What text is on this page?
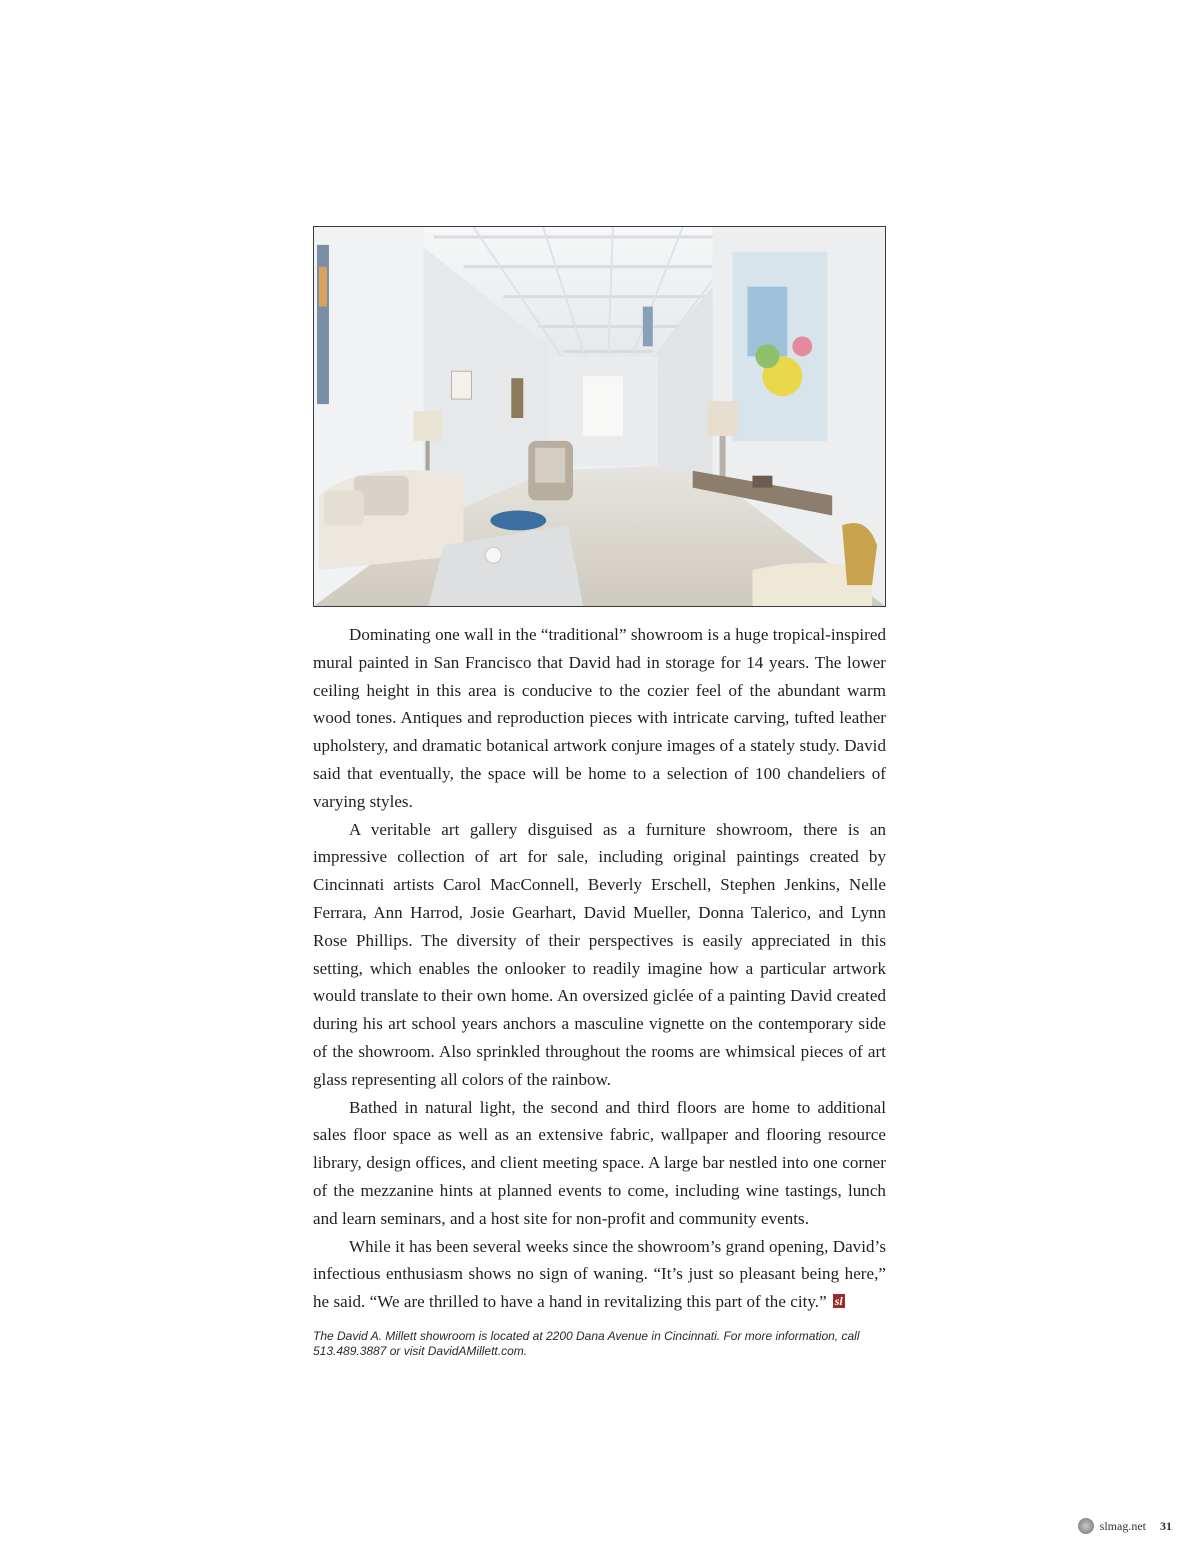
Dominating one wall in the “traditional” showroom is a huge tropical-inspired mural painted in San Francisco that David had in storage for 14 years. The lower ceiling height in this area is conducive to the cozier feel of the abundant warm wood tones. Antiques and reproduction pieces with intricate carving, tufted leather upholstery, and dramatic botanical artwork conjure images of a stately study. David said that eventually, the space will be home to a selection of 100 chandeliers of varying styles.

A veritable art gallery disguised as a furniture showroom, there is an impressive collection of art for sale, including original paintings created by Cincinnati artists Carol MacConnell, Beverly Erschell, Stephen Jenkins, Nelle Ferrara, Ann Harrod, Josie Gearhart, David Mueller, Donna Talerico, and Lynn Rose Phillips. The diversity of their perspectives is easily appreciated in this setting, which enables the onlooker to readily imagine how a particular artwork would translate to their own home. An oversized giclée of a painting David created during his art school years anchors a masculine vignette on the contemporary side of the showroom. Also sprinkled throughout the rooms are whimsical pieces of art glass representing all colors of the rainbow.

Bathed in natural light, the second and third floors are home to additional sales floor space as well as an extensive fabric, wallpaper and flooring resource library, design offices, and client meeting space. A large bar nestled into one corner of the mezzanine hints at planned events to come, including wine tastings, lunch and learn seminars, and a host site for non-profit and community events.

While it has been several weeks since the showroom’s grand opening, David’s infectious enthusiasm shows no sign of waning. “It’s just so pleasant being here,” he said. “We are thrilled to have a hand in revitalizing this part of the city.” sl

The David A. Millett showroom is located at 2200 Dana Avenue in Cincinnati. For more information, call 513.489.3887 or visit DavidAMillett.com.
slmag.net 31
